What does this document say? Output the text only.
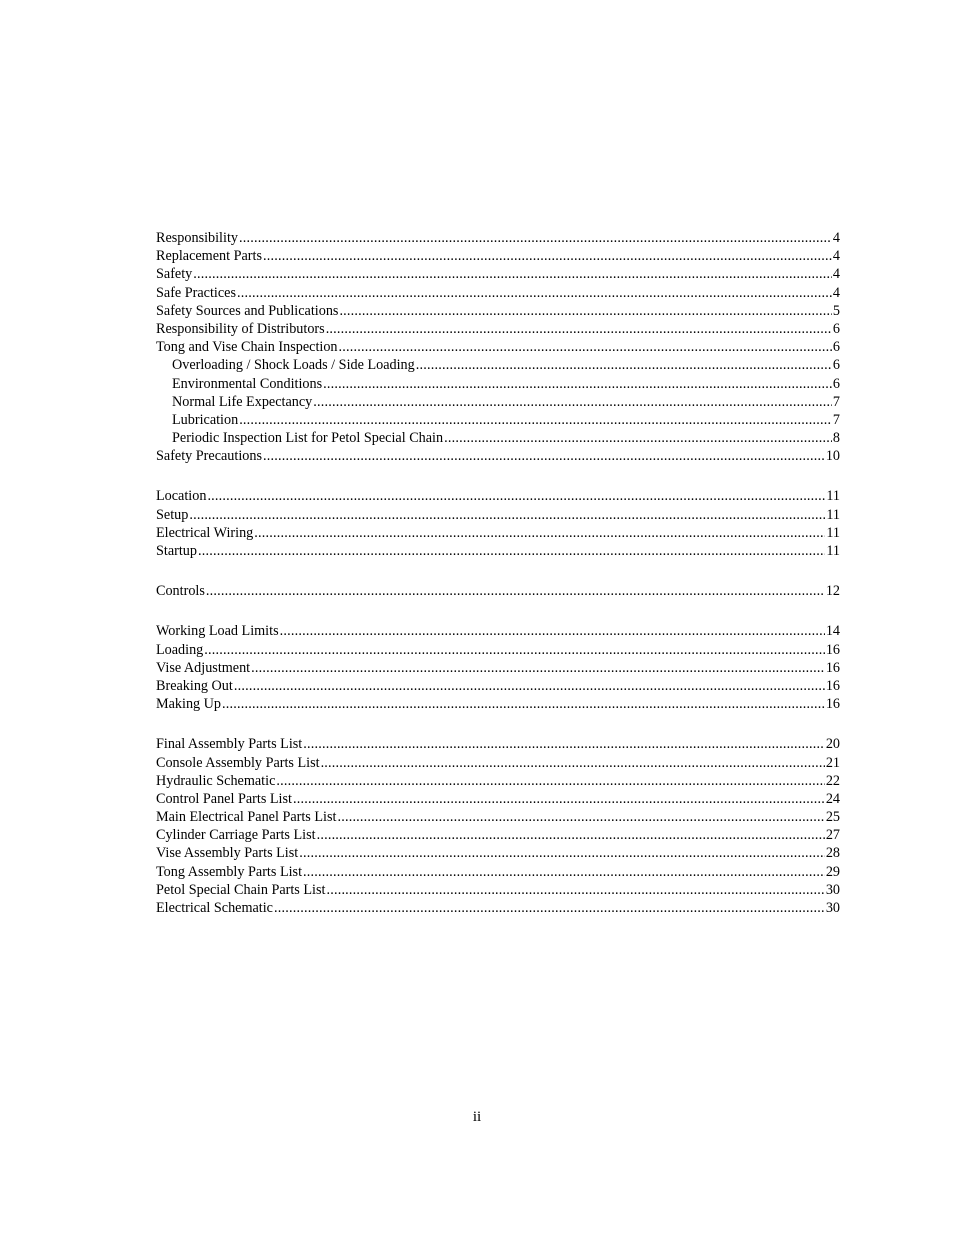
Responsibility .....	4
Replacement Parts .....	4
Safety .....	4
Safe Practices .....	4
Safety Sources and Publications .....	5
Responsibility of Distributors .....	6
Tong and Vise Chain Inspection .....	6
Overloading / Shock Loads / Side Loading .....	6
Environmental Conditions .....	6
Normal Life Expectancy .....	7
Lubrication .....	7
Periodic Inspection List for Petol Special Chain .....	8
Safety Precautions .....	10
Location .....	11
Setup .....	11
Electrical Wiring .....	11
Startup .....	11
Controls .....	12
Working Load Limits .....	14
Loading .....	16
Vise Adjustment .....	16
Breaking Out .....	16
Making Up .....	16
Final Assembly Parts List .....	20
Console Assembly Parts List .....	21
Hydraulic Schematic .....	22
Control Panel Parts List .....	24
Main Electrical Panel Parts List .....	25
Cylinder Carriage Parts List .....	27
Vise Assembly Parts List .....	28
Tong Assembly Parts List .....	29
Petol Special Chain Parts List .....	30
Electrical Schematic .....	30
ii
